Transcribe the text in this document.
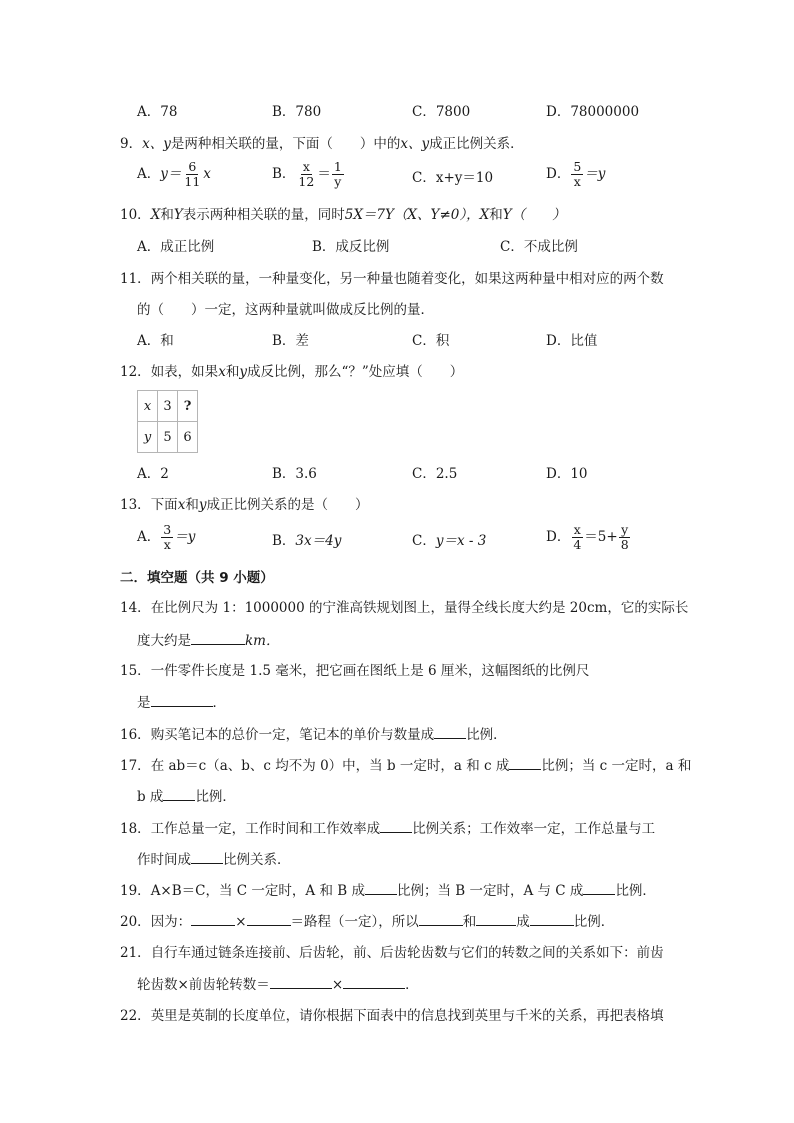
A．78	B．780	C．7800	D．78000000
9．x、y是两种相关联的量，下面（　　）中的x、y成正比例关系．
A．$y= \frac{6}{11}$ x	B． $\frac{x}{12} = \frac{1}{y}$	C．x+y＝10	D． $\frac{5}{x} =y$
10．X和Y表示两种相关联的量，同时5X＝7Y（X、Y≠0），X和Y（　　）
A．成正比例	B．成反比例	C．不成比例
11．两个相关联的量，一种量变化，另一种量也随着变化，如果这两种量中相对应的两个数
的（　　）一定，这两种量就叫做成反比例的量．
A．和	B．差	C．积	D．比值
12．如表，如果x和y成反比例，那么“？”处应填（　　）
x	3	?
y	5	6
A．2	B．3.6	C．2.5	D．10
13．下面x和y成正比例关系的是（　　）
A． $\frac{3}{x} =y$	B．3x＝4y	C．y＝x - 3	D． $\frac{x}{4} =5+ \frac{y}{8}$
二．填空题（共 9 小题）
14．在比例尺为 1：1000000 的宁淮高铁规划图上，量得全线长度大约是 20cm，它的实际长
度大约是	km．
15．一件零件长度是 1.5 毫米，把它画在图纸上是 6 厘米，这幅图纸的比例尺
是	．
16．购买笔记本的总价一定，笔记本的单价与数量成 比例．
17．在 ab＝c（a、b、c 均不为 0）中，当 b 一定时，a 和 c 成 比例；当 c 一定时，a 和
b 成 比例．
18．工作总量一定，工作时间和工作效率成 比例关系；工作效率一定，工作总量与工
作时间成 比例关系．
19．A×B＝C，当 C 一定时，A 和 B 成 比例；当 B 一定时，A 与 C 成 比例．
20．因为：	×	＝路程（一定），所以	和	成	比例．
21．自行车通过链条连接前、后齿轮，前、后齿轮齿数与它们的转数之间的关系如下：前齿
轮齿数×前齿轮转数＝	×	．
22．英里是英制的长度单位，请你根据下面表中的信息找到英里与千米的关系，再把表格填
